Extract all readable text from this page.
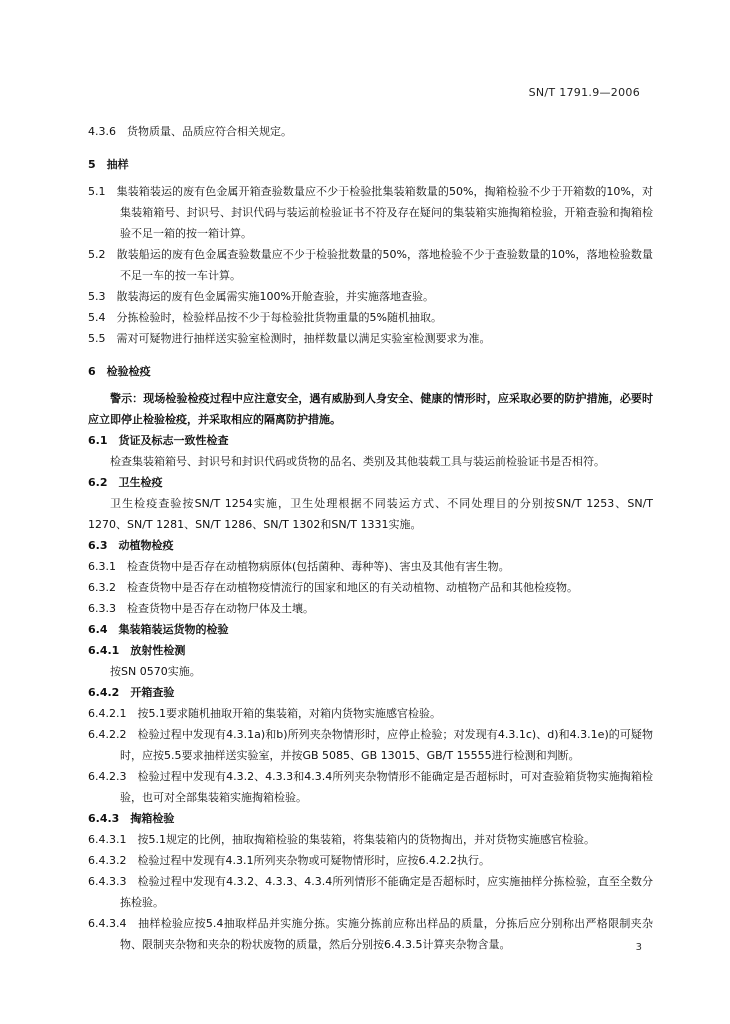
SN/T 1791.9—2006
4.3.6　货物质量、品质应符合相关规定。
5　抽样
5.1　集装箱装运的废有色金属开箱查验数量应不少于检验批集装箱数量的50%，掏箱检验不少于开箱数的10%，对集装箱箱号、封识号、封识代码与装运前检验证书不符及存在疑问的集装箱实施掏箱检验，开箱查验和掏箱检验不足一箱的按一箱计算。
5.2　散装船运的废有色金属查验数量应不少于检验批数量的50%，落地检验不少于查验数量的10%，落地检验数量不足一车的按一车计算。
5.3　散装海运的废有色金属需实施100%开舱查验，并实施落地查验。
5.4　分拣检验时，检验样品按不少于每检验批货物重量的5%随机抽取。
5.5　需对可疑物进行抽样送实验室检测时，抽样数量以满足实验室检测要求为准。
6　检验检疫
警示：现场检验检疫过程中应注意安全，遇有威胁到人身安全、健康的情形时，应采取必要的防护措施，必要时应立即停止检验检疫，并采取相应的隔离防护措施。
6.1　货证及标志一致性检查
检查集装箱箱号、封识号和封识代码或货物的品名、类别及其他装载工具与装运前检验证书是否相符。
6.2　卫生检疫
卫生检疫查验按SN/T 1254实施，卫生处理根据不同装运方式、不同处理目的分别按SN/T 1253、SN/T 1270、SN/T 1281、SN/T 1286、SN/T 1302和SN/T 1331实施。
6.3　动植物检疫
6.3.1　检查货物中是否存在动植物病原体(包括菌种、毒种等)、害虫及其他有害生物。
6.3.2　检查货物中是否存在动植物疫情流行的国家和地区的有关动植物、动植物产品和其他检疫物。
6.3.3　检查货物中是否存在动物尸体及土壤。
6.4　集装箱装运货物的检验
6.4.1　放射性检测
按SN 0570实施。
6.4.2　开箱查验
6.4.2.1　按5.1要求随机抽取开箱的集装箱，对箱内货物实施感官检验。
6.4.2.2　检验过程中发现有4.3.1a)和b)所列夹杂物情形时，应停止检验；对发现有4.3.1c)、d)和4.3.1e)的可疑物时，应按5.5要求抽样送实验室，并按GB 5085、GB 13015、GB/T 15555进行检测和判断。
6.4.2.3　检验过程中发现有4.3.2、4.3.3和4.3.4所列夹杂物情形不能确定是否超标时，可对查验箱货物实施掏箱检验，也可对全部集装箱实施掏箱检验。
6.4.3　掏箱检验
6.4.3.1　按5.1规定的比例，抽取掏箱检验的集装箱，将集装箱内的货物掏出，并对货物实施感官检验。
6.4.3.2　检验过程中发现有4.3.1所列夹杂物或可疑物情形时，应按6.4.2.2执行。
6.4.3.3　检验过程中发现有4.3.2、4.3.3、4.3.4所列情形不能确定是否超标时，应实施抽样分拣检验，直至全数分拣检验。
6.4.3.4　抽样检验应按5.4抽取样品并实施分拣。实施分拣前应称出样品的质量，分拣后应分别称出严格限制夹杂物、限制夹杂物和夹杂的粉状废物的质量，然后分别按6.4.3.5计算夹杂物含量。	3
